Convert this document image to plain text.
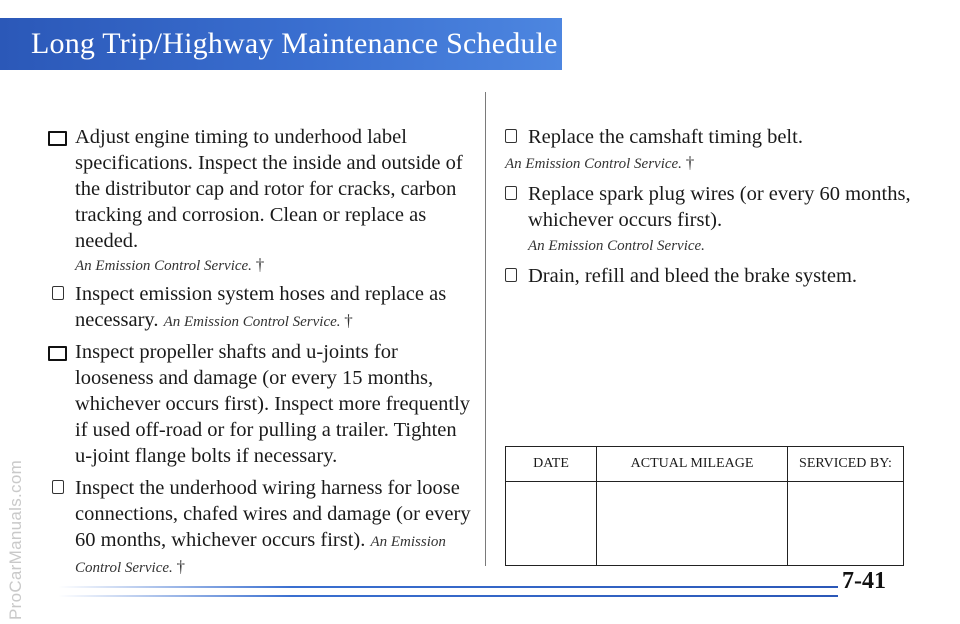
ProCarManuals.com
Long Trip/Highway Maintenance Schedule
Adjust engine timing to underhood label specifications. Inspect the inside and outside of the distributor cap and rotor for cracks, carbon tracking and corrosion. Clean or replace as needed.
An Emission Control Service. †
Inspect emission system hoses and replace as necessary. An Emission Control Service. †
Inspect propeller shafts and u-joints for looseness and damage (or every 15 months, whichever occurs first). Inspect more frequently if used off-road or for pulling a trailer. Tighten u-joint flange bolts if necessary.
Inspect the underhood wiring harness for loose connections, chafed wires and damage (or every 60 months, whichever occurs first). An Emission Control Service. †
Replace the camshaft timing belt.
An Emission Control Service. †
Replace spark plug wires (or every 60 months, whichever occurs first).
An Emission Control Service.
Drain, refill and bleed the brake system.
DATE	ACTUAL MILEAGE	SERVICED BY:

7-41
